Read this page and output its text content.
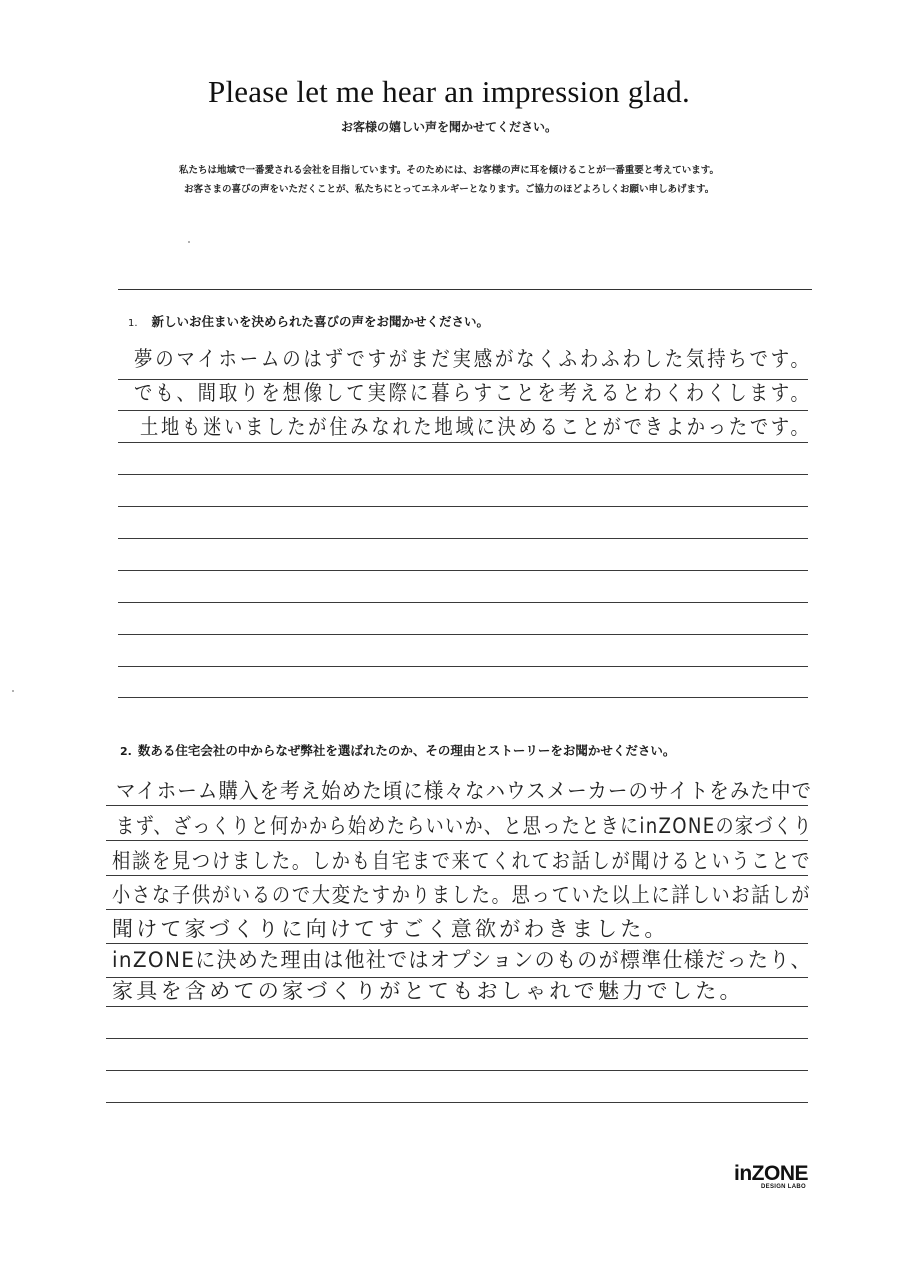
Please let me hear an impression glad.
お客様の嬉しい声を聞かせてください。
私たちは地域で一番愛される会社を目指しています。そのためには、お客様の声に耳を傾けることが一番重要と考えています。
お客さまの喜びの声をいただくことが、私たちにとってエネルギーとなります。ご協力のほどよろしくお願い申しあげます。
1. 新しいお住まいを決められた喜びの声をお聞かせください。
夢のマイホームのはずですがまだ実感がなくふわふわした気持ちです。
でも、間取りを想像して実際に暮らすことを考えるとわくわくします。
土地も迷いましたが住みなれた地域に決めることができよかったです。
2. 数ある住宅会社の中からなぜ弊社を選ばれたのか、その理由とストーリーをお聞かせください。
マイホーム購入を考え始めた頃に様々なハウスメーカーのサイトをみた中で
まず、ざっくりと何かから始めたらいいか、と思ったときにinZONEの家づくり
相談を見つけました。しかも自宅まで来てくれてお話しが聞けるということで
小さな子供がいるので大変たすかりました。思っていた以上に詳しいお話しが
聞けて家づくりに向けてすごく意欲がわきました。
inZONEに決めた理由は他社ではオプションのものが標準仕様だったり、
家具を含めての家づくりがとてもおしゃれで魅力でした。
inZONE
DESIGN LABO
